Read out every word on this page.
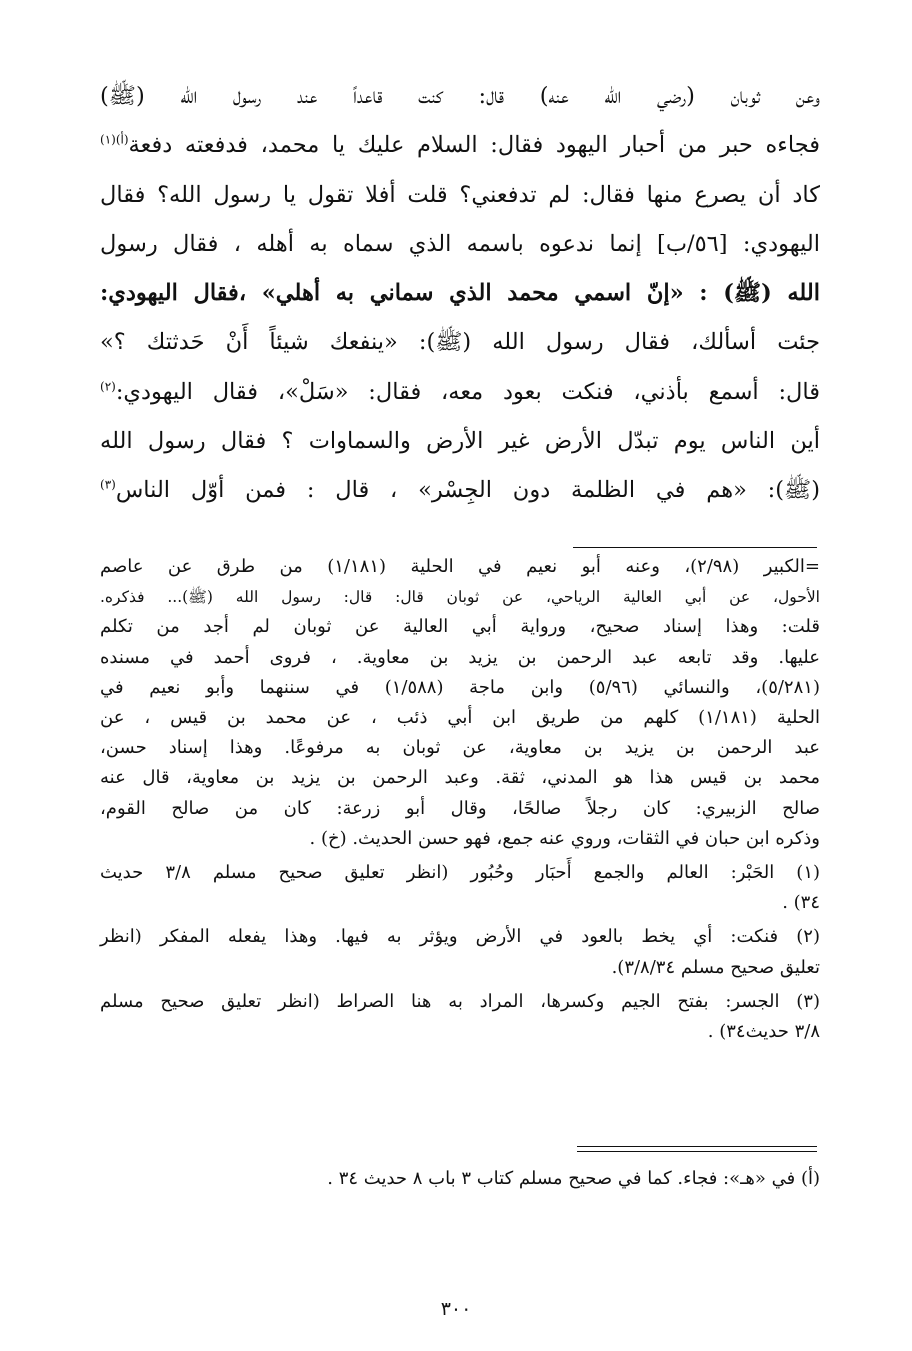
وعن ثوبان (رضي الله عنه) قال: كنت قاعداً عند رسول الله (ﷺ)

فجاءه حبر من أحبار اليهود فقال: السلام عليك يا محمد، فدفعته دفعة$^{(أ)(١)}$

كاد أن يصرع منها فقال: لم تدفعني؟ قلت أفلا تقول يا رسول الله؟ فقال

اليهودي: [٥٦/ب] إنما ندعوه باسمه الذي سماه به أهله ، فقال رسول

الله (ﷺ) : «إنّ اسمي محمد الذي سماني به أهلي» ،فقال اليهودي:

جئت أسألك، فقال رسول الله (ﷺ): «ينفعك شيئاً أَنْ حَدثتك ؟»

قال: أسمع بأذني، فنكت بعود معه، فقال: «سَلْ»، فقال اليهودي:$^{(٢)}$

أين الناس يوم تبدّل الأرض غير الأرض والسماوات ؟ فقال رسول الله

(ﷺ): «هم في الظلمة دون الجِسْر» ، قال : فمن أوّل الناس$^{(٣)}$

=الكبير (٢/٩٨)، وعنه أبو نعيم في الحلية (١/١٨١) من طرق عن عاصم

الأحول، عن أبي العالية الرياحي، عن ثوبان قال: قال: رسول الله (ﷺ)... فذكره.

قلت: وهذا إسناد صحيح، ورواية أبي العالية عن ثوبان لم أجد من تكلم

عليها. وقد تابعه عبد الرحمن بن يزيد بن معاوية. ، فروى أحمد في مسنده

(٥/٢٨١)، والنسائي (٥/٩٦) وابن ماجة (١/٥٨٨) في سننهما وأبو نعيم في

الحلية (١/١٨١) كلهم من طريق ابن أبي ذئب ، عن محمد بن قيس ، عن

عبد الرحمن بن يزيد بن معاوية، عن ثوبان به مرفوعًا. وهذا إسناد حسن،

محمد بن قيس هذا هو المدني، ثقة. وعبد الرحمن بن يزيد بن معاوية، قال عنه

صالح الزبيري: كان رجلاً صالحًا، وقال أبو زرعة: كان من صالح القوم،

وذكره ابن حبان في الثقات، وروي عنه جمع، فهو حسن الحديث. (خ) .

(١) الحَبْر: العالم والجمع أَحبَار وحُبُور (انظر تعليق صحيح مسلم ٣/٨ حديث

٣٤) .

(٢) فنكت: أي يخط بالعود في الأرض ويؤثر به فيها. وهذا يفعله المفكر (انظر

تعليق صحيح مسلم ٣/٨/٣٤).

(٣) الجسر: بفتح الجيم وكسرها، المراد به هنا الصراط (انظر تعليق صحيح مسلم

٣/٨ حديث٣٤) .

(أ) في «هـ»: فجاء. كما في صحيح مسلم كتاب ٣ باب ٨ حديث ٣٤ .
٣٠٠
